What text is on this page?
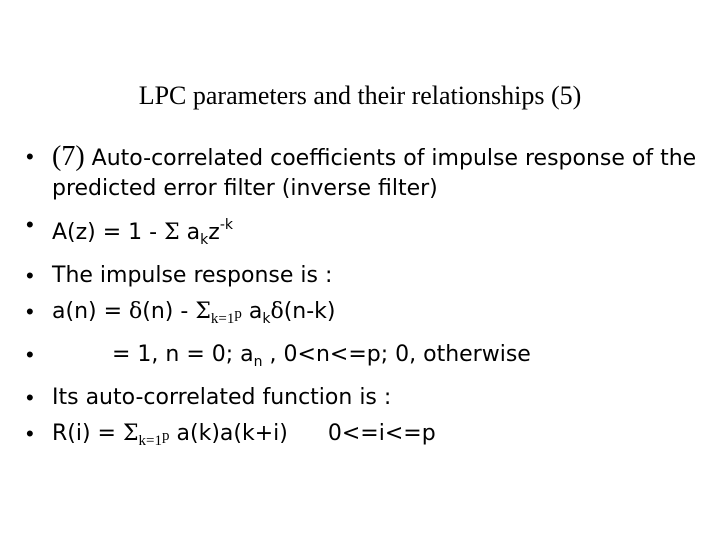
LPC parameters and their relationships (5)
• (7) Auto-correlated coefficients of impulse response of the predicted error filter (inverse filter)
• A(z) = 1 - Σ $a_kz^{-k}$
• The impulse response is :
• $a(n) = \delta(n) - \Sigma_{k=1}p$ $a_k\delta(n-k)$
• = 1, n = 0; $a_n$ , 0<n<=p; 0, otherwise
• Its auto-correlated function is :
• $R(i) = \Sigma_{k=1}p$ a(k)a(k+i) 0<=i<=p
